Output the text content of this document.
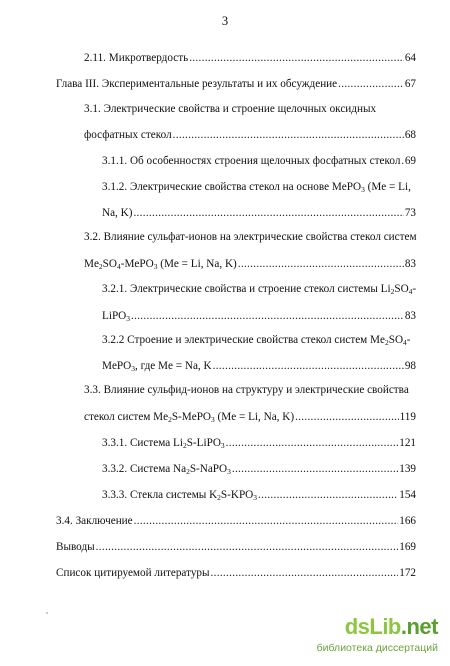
3
2.11. Микротвердость .....	64
Глава III. Экспериментальные результаты и их обсуждение .....	67
3.1. Электрические свойства и строение щелочных оксидных
фосфатных стекол .....	68
3.1.1. Об особенностях строения щелочных фосфатных стекол ..... 69
3.1.2. Электрические свойства стекол на основе MePO$_3$ (Me = Li,
Na, K) .....	73
3.2. Влияние сульфат-ионов на электрические свойства стекол систем
$Me_2SO_4-MePO_3$ (Me = Li, Na, K) .....	83
3.2.1. Электрические свойства и строение стекол системы $Li_2SO_4-$
LiPO$_3$ .....	83
3.2.2 Строение и электрические свойства стекол систем $Me_2SO_4-$
MePO$_3$, где Me = Na, K .....	98
3.3. Влияние сульфид-ионов на структуру и электрические свойства
стекол систем $Me_2S-MePO_3$ (Me = Li, Na, K) .....	119
3.3.1. Система $Li_2S-LiPO_3$ .....	121
3.3.2. Система $Na_2S-NaPO_3$ .....	139
3.3.3. Стекла системы $K_2S-KPO_3$ .....	154
3.4. Заключение .....	166
Выводы .....	169
Список цитируемой литературы .....	172
dsLib.net
библиотека диссертаций
